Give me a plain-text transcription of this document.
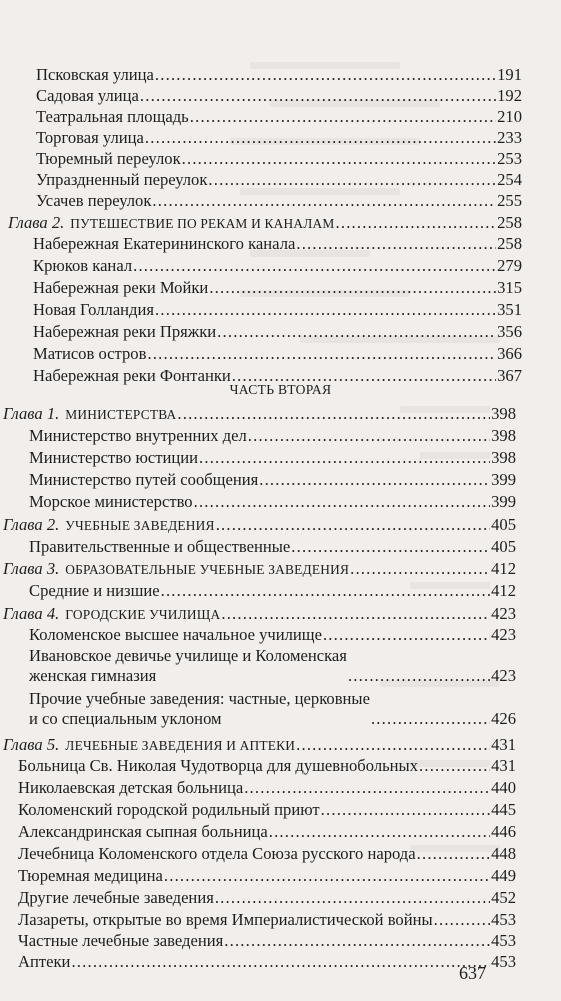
Псковская улица .....	191
Садовая улица .....	192
Театральная площадь .....	210
Торговая улица .....	233
Тюремный переулок .....	253
Упраздненный переулок .....	254
Усачев переулок .....	255
Глава 2. ПУТЕШЕСТВИЕ ПО РЕКАМ И КАНАЛАМ .....	258
Набережная Екатерининского канала .....	258
Крюков канал .....	279
Набережная реки Мойки .....	315
Новая Голландия .....	351
Набережная реки Пряжки .....	356
Матисов остров .....	366
Набережная реки Фонтанки .....	367
ЧАСТЬ ВТОРАЯ
Глава 1. МИНИСТЕРСТВА .....	398
Министерство внутренних дел .....	398
Министерство юстиции .....	398
Министерство путей сообщения .....	399
Морское министерство .....	399
Глава 2. УЧЕБНЫЕ ЗАВЕДЕНИЯ .....	405
Правительственные и общественные .....	405
Глава 3. ОБРАЗОВАТЕЛЬНЫЕ УЧЕБНЫЕ ЗАВЕДЕНИЯ .....	412
Средние и низшие .....	412
Глава 4. ГОРОДСКИЕ УЧИЛИЩА .....	423
Коломенское высшее начальное училище .....	423
Ивановское девичье училище и Коломенская
женская гимназия .....	423
Прочие учебные заведения: частные, церковные
и со специальным уклоном .....	426
Глава 5. ЛЕЧЕБНЫЕ ЗАВЕДЕНИЯ И АПТЕКИ .....	431
Больница Св. Николая Чудотворца для душевнобольных .....	431
Николаевская детская больница .....	440
Коломенский городской родильный приют .....	445
Александринская сыпная больница .....	446
Лечебница Коломенского отдела Союза русского народа .....	448
Тюремная медицина .....	449
Другие лечебные заведения .....	452
Лазареты, открытые во время Империалистической войны .....	453
Частные лечебные заведения .....	453
Аптеки .....	453
637
